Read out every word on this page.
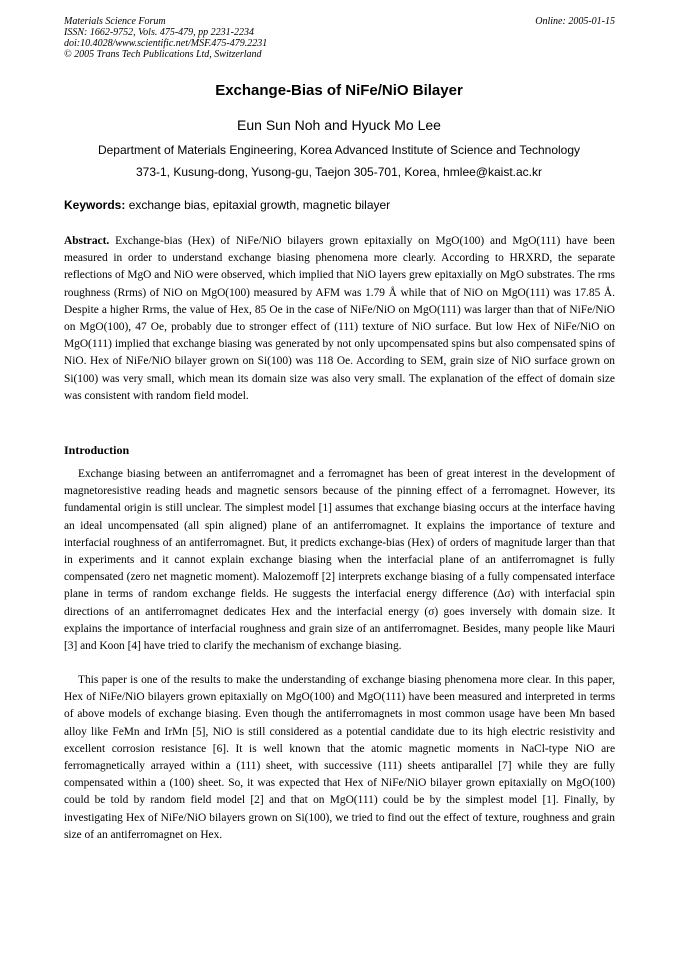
Materials Science Forum
ISSN: 1662-9752, Vols. 475-479, pp 2231-2234
doi:10.4028/www.scientific.net/MSF.475-479.2231
© 2005 Trans Tech Publications Ltd, Switzerland
Online: 2005-01-15
Exchange-Bias of NiFe/NiO Bilayer
Eun Sun Noh and Hyuck Mo Lee
Department of Materials Engineering, Korea Advanced Institute of Science and Technology
373-1, Kusung-dong, Yusong-gu, Taejon 305-701, Korea, hmlee@kaist.ac.kr
Keywords: exchange bias, epitaxial growth, magnetic bilayer

Abstract. Exchange-bias (Hex) of NiFe/NiO bilayers grown epitaxially on MgO(100) and MgO(111) have been measured in order to understand exchange biasing phenomena more clearly. According to HRXRD, the separate reflections of MgO and NiO were observed, which implied that NiO layers grew epitaxially on MgO substrates. The rms roughness (Rrms) of NiO on MgO(100) measured by AFM was 1.79 Å while that of NiO on MgO(111) was 17.85 Å. Despite a higher Rrms, the value of Hex, 85 Oe in the case of NiFe/NiO on MgO(111) was larger than that of NiFe/NiO on MgO(100), 47 Oe, probably due to stronger effect of (111) texture of NiO surface. But low Hex of NiFe/NiO on MgO(111) implied that exchange biasing was generated by not only upcompensated spins but also compensated spins of NiO. Hex of NiFe/NiO bilayer grown on Si(100) was 118 Oe. According to SEM, grain size of NiO surface grown on Si(100) was very small, which mean its domain size was also very small. The explanation of the effect of domain size was consistent with random field model.

Introduction

Exchange biasing between an antiferromagnet and a ferromagnet has been of great interest in the development of magnetoresistive reading heads and magnetic sensors because of the pinning effect of a ferromagnet. However, its fundamental origin is still unclear. The simplest model [1] assumes that exchange biasing occurs at the interface having an ideal uncompensated (all spin aligned) plane of an antiferromagnet. It explains the importance of texture and interfacial roughness of an antiferromagnet. But, it predicts exchange-bias (Hex) of orders of magnitude larger than that in experiments and it cannot explain exchange biasing when the interfacial plane of an antiferromagnet is fully compensated (zero net magnetic moment). Malozemoff [2] interprets exchange biasing of a fully compensated interface plane in terms of random exchange fields. He suggests the interfacial energy difference (Δσ) with interfacial spin directions of an antiferromagnet dedicates Hex and the interfacial energy (σ) goes inversely with domain size. It explains the importance of interfacial roughness and grain size of an antiferromagnet. Besides, many people like Mauri [3] and Koon [4] have tried to clarify the mechanism of exchange biasing.

This paper is one of the results to make the understanding of exchange biasing phenomena more clear. In this paper, Hex of NiFe/NiO bilayers grown epitaxially on MgO(100) and MgO(111) have been measured and interpreted in terms of above models of exchange biasing. Even though the antiferromagnets in most common usage have been Mn based alloy like FeMn and IrMn [5], NiO is still considered as a potential candidate due to its high electric resistivity and excellent corrosion resistance [6]. It is well known that the atomic magnetic moments in NaCl-type NiO are ferromagnetically arrayed within a (111) sheet, with successive (111) sheets antiparallel [7] while they are fully compensated within a (100) sheet. So, it was expected that Hex of NiFe/NiO bilayer grown epitaxially on MgO(100) could be told by random field model [2] and that on MgO(111) could be by the simplest model [1]. Finally, by investigating Hex of NiFe/NiO bilayers grown on Si(100), we tried to find out the effect of texture, roughness and grain size of an antiferromagnet on Hex.
